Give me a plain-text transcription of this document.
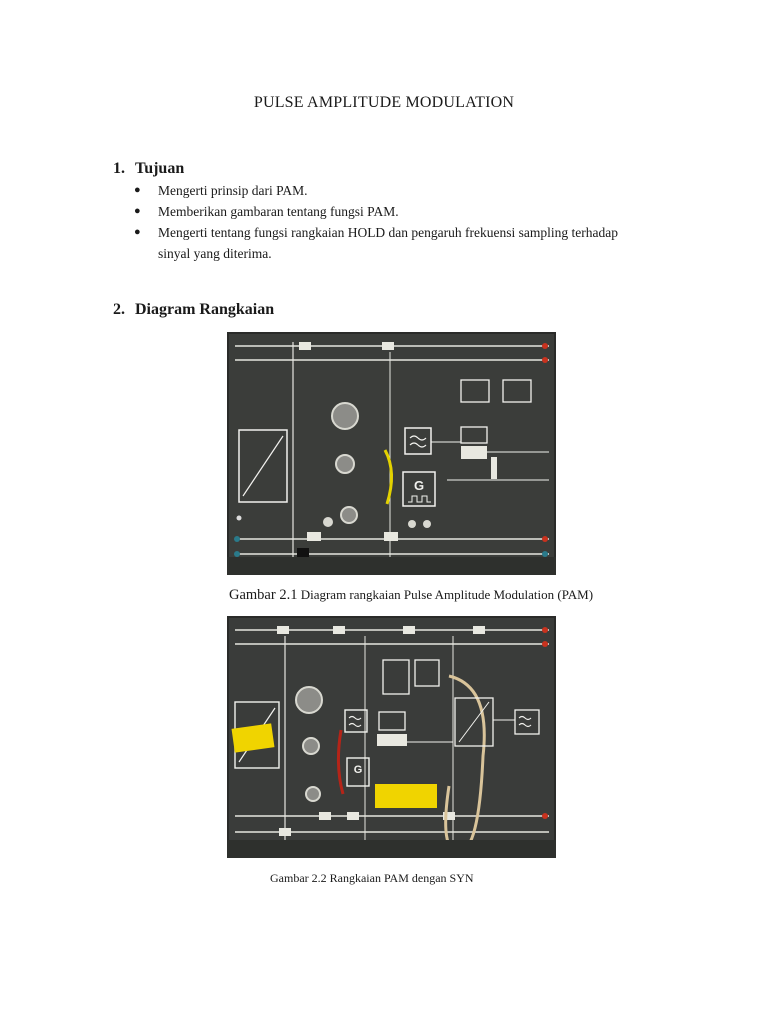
PULSE AMPLITUDE MODULATION
1. Tujuan
● Mengerti prinsip dari PAM.
● Memberikan gambaran tentang fungsi PAM.
● Mengerti tentang fungsi rangkaian HOLD dan pengaruh frekuensi sampling terhadap
sinyal yang diterima.
2. Diagram Rangkaian
G
Gambar 2.1 Diagram rangkaian Pulse Amplitude Modulation (PAM)
G
Gambar 2.2 Rangkaian PAM dengan SYN
